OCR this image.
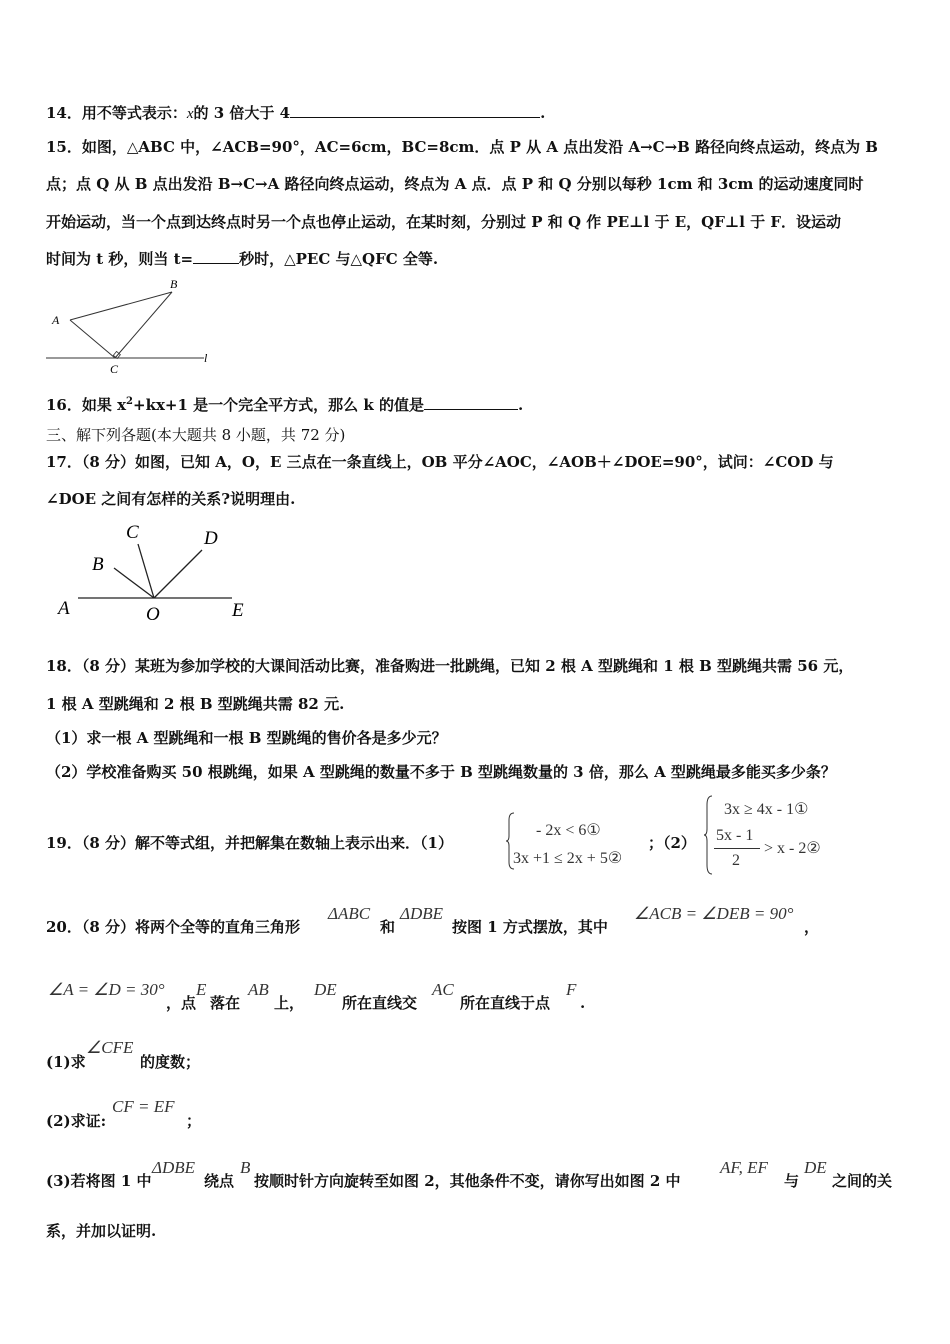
14．用不等式表示：x的 3 倍大于 4	.
15．如图，△ABC 中，∠ACB=90°，AC=6cm，BC=8cm．点 P 从 A 点出发沿 A→C→B 路径向终点运动，终点为 B
点；点 Q 从 B 点出发沿 B→C→A 路径向终点运动，终点为 A 点．点 P 和 Q 分别以每秒 1cm 和 3cm 的运动速度同时
开始运动，当一个点到达终点时另一个点也停止运动，在某时刻，分别过 P 和 Q 作 PE⊥l 于 E，QF⊥l 于 F．设运动
时间为 t 秒，则当 t=	秒时，△PEC 与△QFC 全等.
A
B
C
l
16．如果 $x^2+kx+1$ 是一个完全平方式，那么 k 的值是	.
三、解下列各题(本大题共 8 小题，共 72 分)
17．（8 分）如图，已知 A，O，E 三点在一条直线上，OB 平分∠AOC，∠AOB＋∠DOE=90°，试问：∠COD 与
∠DOE 之间有怎样的关系?说明理由.
A
B
C	D
O	E
18．（8 分）某班为参加学校的大课间活动比赛，准备购进一批跳绳，已知 2 根 A 型跳绳和 1 根 B 型跳绳共需 56 元，
1 根 A 型跳绳和 2 根 B 型跳绳共需 82 元.
（1）求一根 A 型跳绳和一根 B 型跳绳的售价各是多少元？
（2）学校准备购买 50 根跳绳，如果 A 型跳绳的数量不多于 B 型跳绳数量的 3 倍，那么 A 型跳绳最多能买多少条？
19．（8 分）解不等式组，并把解集在数轴上表示出来．（1）
- 2x < 6①
3x +1 ≤ 2x + 5②
；（2）
3x ≥ 4x - 1①
5x - 1
2
> x - 2②
20．（8 分）将两个全等的直角三角形
ΔABC
和
ΔDBE
按图 1 方式摆放，其中
∠ACB = ∠DEB = 90°
，
∠A = ∠D = 30°
，点
E
落在
AB
上，
DE
所在直线交
AC
所在直线于点
F
.
(1)求
∠CFE
的度数；
(2)求证:
CF = EF
；
(3)若将图 1 中
ΔDBE
绕点
B
按顺时针方向旋转至如图 2，其他条件不变，请你写出如图 2 中
AF, EF
与
DE
之间的关
系，并加以证明.
